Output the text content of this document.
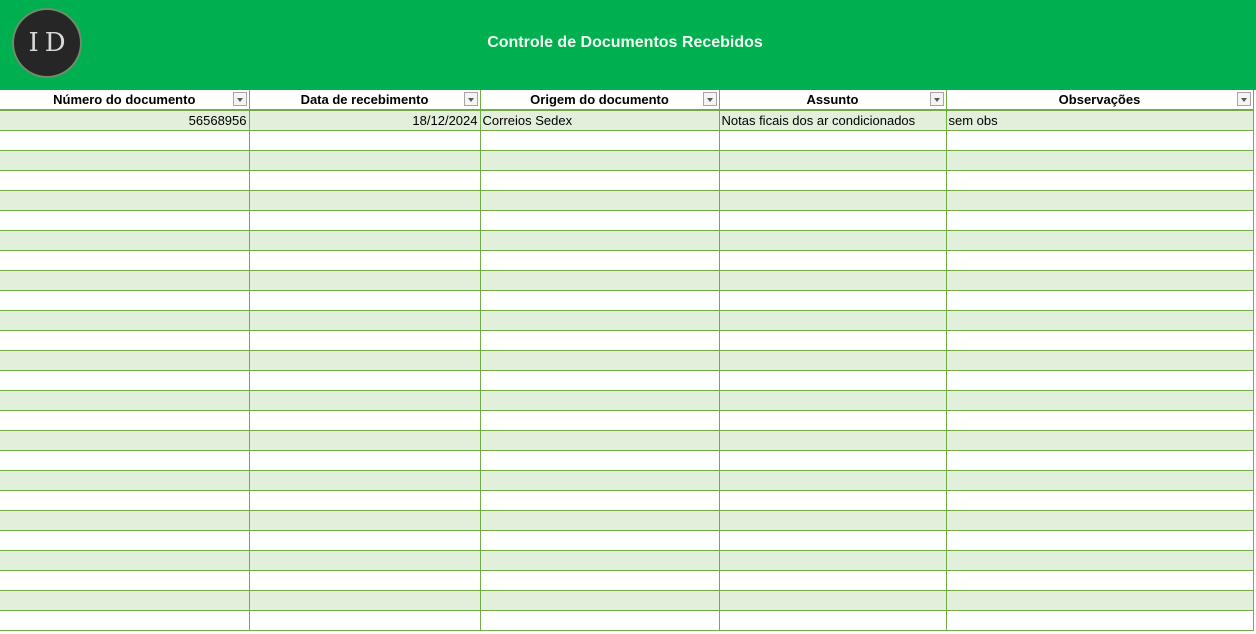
ID	Controle de Documentos Recebidos
Número do documento	Data de recebimento	Origem do documento	Assunto	Observações

56568956	18/12/2024	Correios Sedex	Notas ficais dos ar condicionados	sem obs
